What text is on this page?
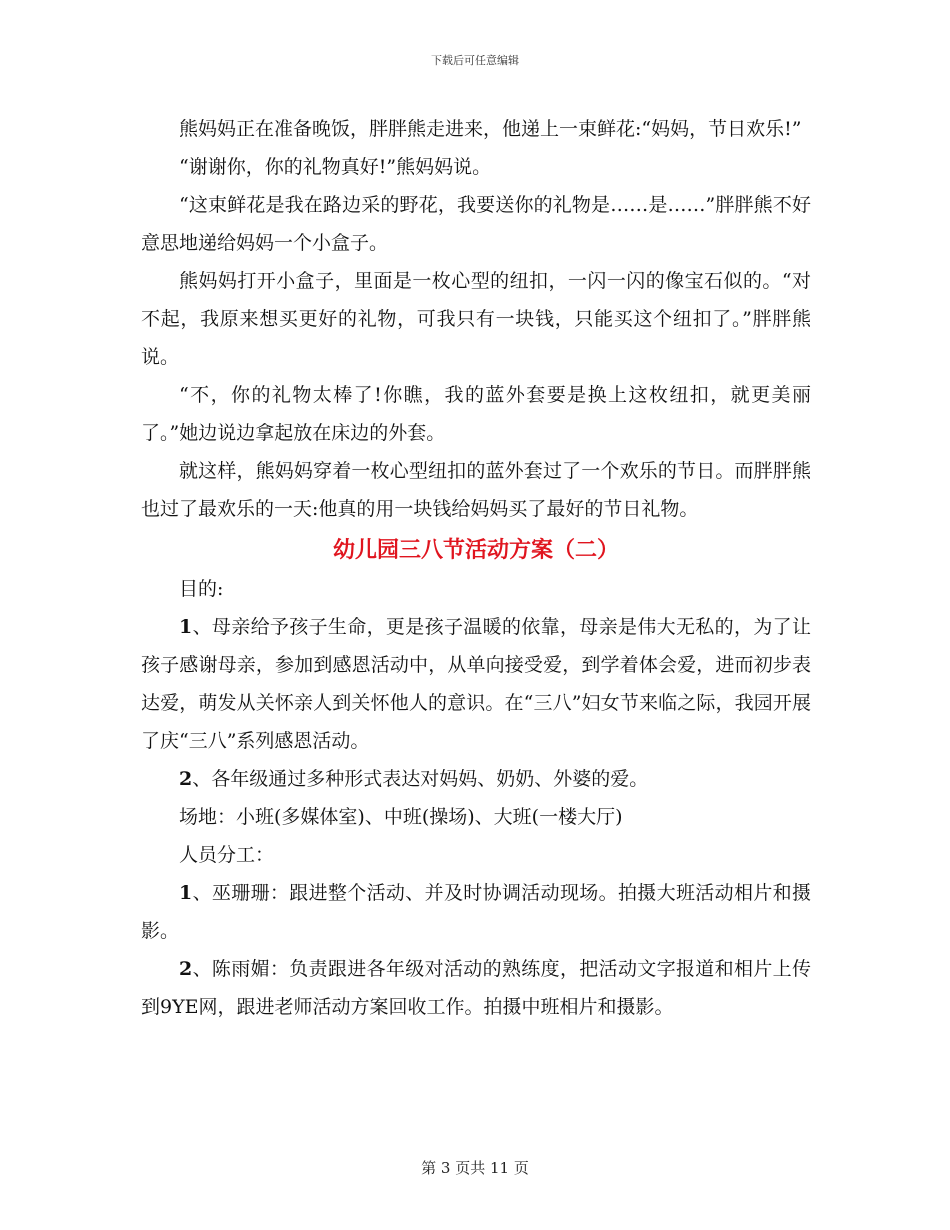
下载后可任意编辑

熊妈妈正在准备晚饭，胖胖熊走进来，他递上一束鲜花:“妈妈，节日欢乐!”

“谢谢你，你的礼物真好!”熊妈妈说。

“这束鲜花是我在路边采的野花，我要送你的礼物是……是……”胖胖熊不好意思地递给妈妈一个小盒子。

熊妈妈打开小盒子，里面是一枚心型的纽扣，一闪一闪的像宝石似的。“对不起，我原来想买更好的礼物，可我只有一块钱，只能买这个纽扣了。”胖胖熊说。

“不，你的礼物太棒了!你瞧，我的蓝外套要是换上这枚纽扣，就更美丽了。”她边说边拿起放在床边的外套。

就这样，熊妈妈穿着一枚心型纽扣的蓝外套过了一个欢乐的节日。而胖胖熊也过了最欢乐的一天:他真的用一块钱给妈妈买了最好的节日礼物。

幼儿园三八节活动方案（二）

目的:

1、母亲给予孩子生命，更是孩子温暖的依靠，母亲是伟大无私的，为了让孩子感谢母亲，参加到感恩活动中，从单向接受爱，到学着体会爱，进而初步表达爱，萌发从关怀亲人到关怀他人的意识。在“三八”妇女节来临之际，我园开展了庆“三八”系列感恩活动。

2、各年级通过多种形式表达对妈妈、奶奶、外婆的爱。

场地：小班(多媒体室)、中班(操场)、大班(一楼大厅)

人员分工：

1、巫珊珊：跟进整个活动、并及时协调活动现场。拍摄大班活动相片和摄影。

2、陈雨媚：负责跟进各年级对活动的熟练度，把活动文字报道和相片上传到9YE网，跟进老师活动方案回收工作。拍摄中班相片和摄影。

第 3 页共 11 页
